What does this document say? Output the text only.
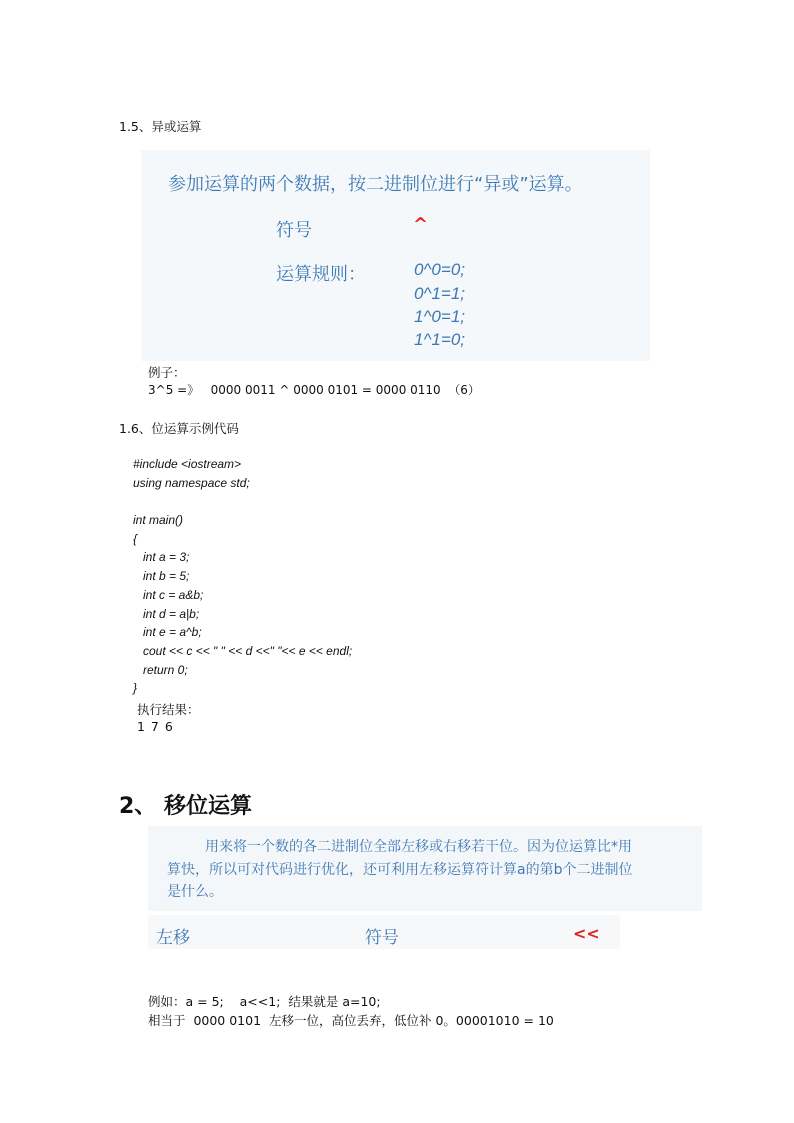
1.5、异或运算
参加运算的两个数据，按二进制位进行“异或”运算。
符号	^
运算规则：	0^0=0;
0^1=1;
1^0=1;
1^1=0;
例子：
3^5 =》   0000 0011 ^ 0000 0101 = 0000 0110  （6）
1.6、位运算示例代码
#include <iostream>
using namespace std;
int main()
{
int a = 3;
int b = 5;
int c = a&b;
int d = a|b;
int e = a^b;
cout << c << " " << d <<" "<< e << endl;
return 0;
}
执行结果：
1 7 6
2、 移位运算
用来将一个数的各二进制位全部左移或右移若干位。因为位运算比*用
算快，所以可对代码进行优化，还可利用左移运算符计算a的第b个二进制位
是什么。
左移	符号	<<
例如：a = 5;    a<<1;  结果就是 a=10;
相当于  0000 0101  左移一位，高位丢弃，低位补 0。00001010 = 10
